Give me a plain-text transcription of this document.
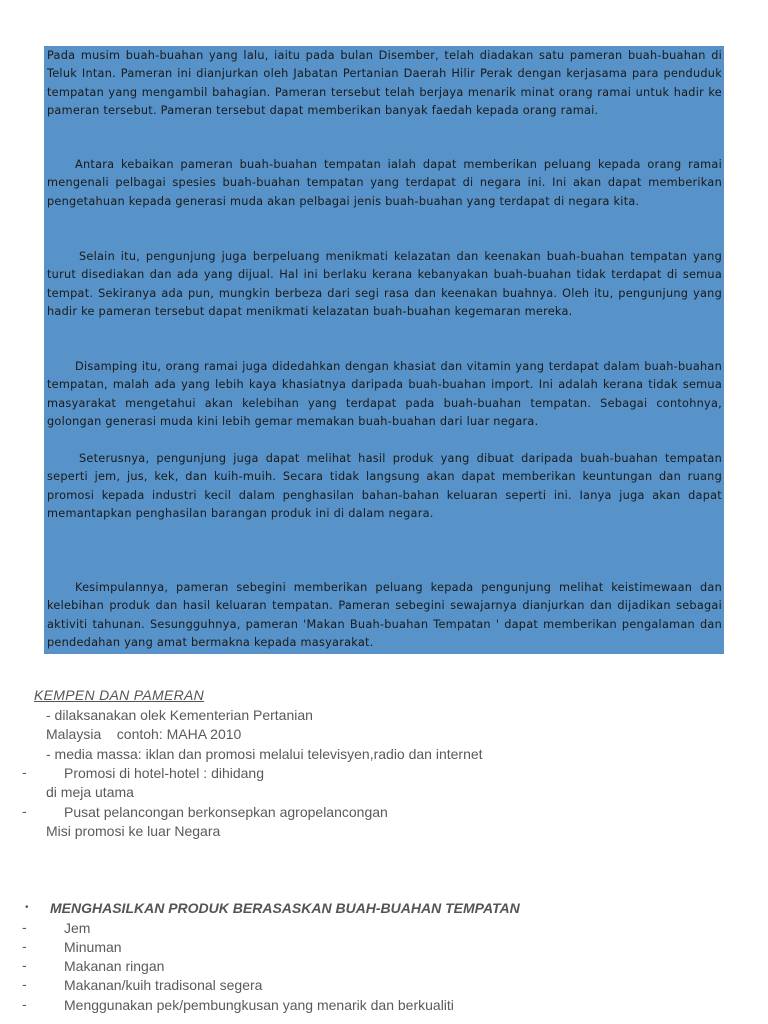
Pada musim buah-buahan yang lalu, iaitu pada bulan Disember, telah diadakan satu pameran buah-buahan di Teluk Intan. Pameran ini dianjurkan oleh Jabatan Pertanian Daerah Hilir Perak dengan kerjasama para penduduk tempatan yang mengambil bahagian. Pameran tersebut telah berjaya menarik minat orang ramai untuk hadir ke pameran tersebut. Pameran tersebut dapat memberikan banyak faedah kepada orang ramai.

Antara kebaikan pameran buah-buahan tempatan ialah dapat memberikan peluang kepada orang ramai mengenali pelbagai spesies buah-buahan tempatan yang terdapat di negara ini. Ini akan dapat memberikan pengetahuan kepada generasi muda akan pelbagai jenis buah-buahan yang terdapat di negara kita.

Selain itu, pengunjung juga berpeluang menikmati kelazatan dan keenakan buah-buahan tempatan yang turut disediakan dan ada yang dijual. Hal ini berlaku kerana kebanyakan buah-buahan tidak terdapat di semua tempat. Sekiranya ada pun, mungkin berbeza dari segi rasa dan keenakan buahnya. Oleh itu, pengunjung yang hadir ke pameran tersebut dapat menikmati kelazatan buah-buahan kegemaran mereka.

Disamping itu, orang ramai juga didedahkan dengan khasiat dan vitamin yang terdapat dalam buah-buahan tempatan, malah ada yang lebih kaya khasiatnya daripada buah-buahan import. Ini adalah kerana tidak semua masyarakat mengetahui akan kelebihan yang terdapat pada buah-buahan tempatan. Sebagai contohnya, golongan generasi muda kini lebih gemar memakan buah-buahan dari luar negara.

Seterusnya, pengunjung juga dapat melihat hasil produk yang dibuat daripada buah-buahan tempatan seperti jem, jus, kek, dan kuih-muih. Secara tidak langsung akan dapat memberikan keuntungan dan ruang promosi kepada industri kecil dalam penghasilan bahan-bahan keluaran seperti ini. Ianya juga akan dapat memantapkan penghasilan barangan produk ini di dalam negara.

Kesimpulannya, pameran sebegini memberikan peluang kepada pengunjung melihat keistimewaan dan kelebihan produk dan hasil keluaran tempatan. Pameran sebegini sewajarnya dianjurkan dan dijadikan sebagai aktiviti tahunan. Sesungguhnya, pameran 'Makan Buah-buahan Tempatan ' dapat memberikan pengalaman dan pendedahan yang amat bermakna kepada masyarakat.

KEMPEN DAN PAMERAN
- dilaksanakan olek Kementerian Pertanian
Malaysia    contoh: MAHA 2010
- media massa: iklan dan promosi melalui televisyen,radio dan internet
-	Promosi di hotel-hotel : dihidang
di meja utama
-	Pusat pelancongan berkonsepkan agropelancongan
Misi promosi ke luar Negara
• MENGHASILKAN PRODUK BERASASKAN BUAH-BUAHAN TEMPATAN
-	Jem
-	Minuman
-	Makanan ringan
-	Makanan/kuih tradisonal segera
-	Menggunakan pek/pembungkusan yang menarik dan berkualiti
